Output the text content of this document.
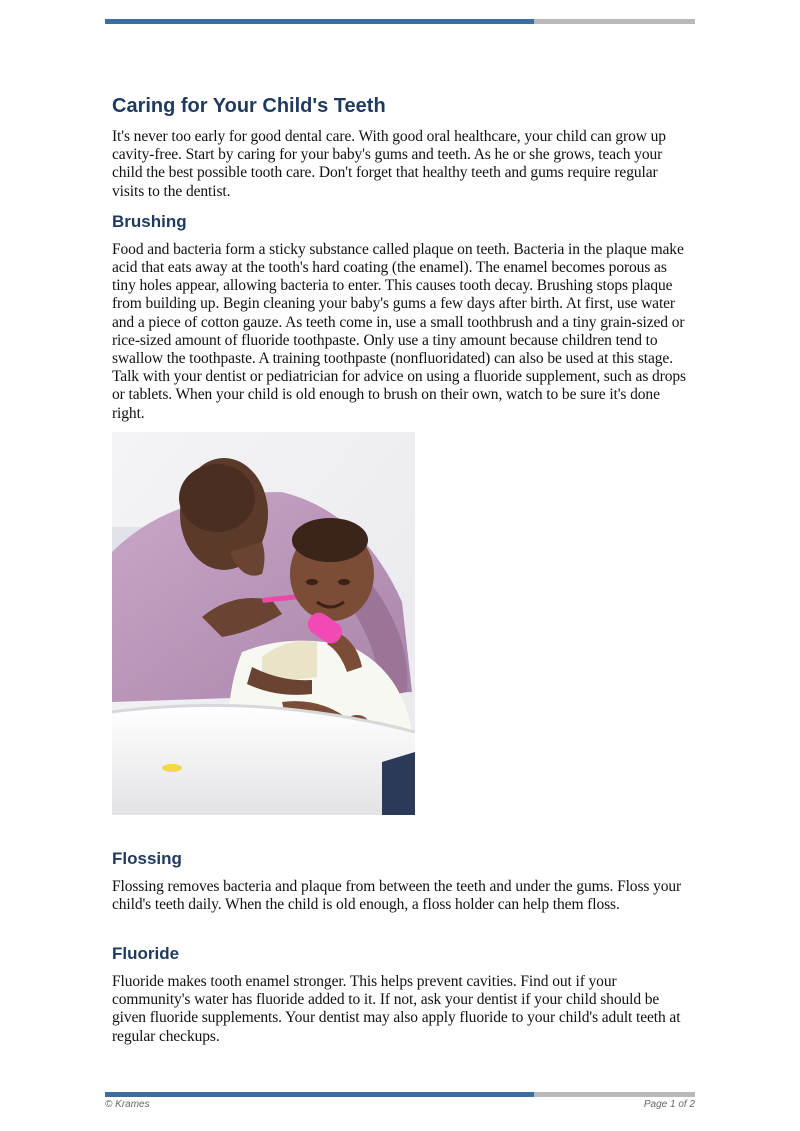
Caring for Your Child's Teeth

It's never too early for good dental care. With good oral healthcare, your child can grow up cavity-free. Start by caring for your baby's gums and teeth. As he or she grows, teach your child the best possible tooth care. Don't forget that healthy teeth and gums require regular visits to the dentist.

Brushing

Food and bacteria form a sticky substance called plaque on teeth. Bacteria in the plaque make acid that eats away at the tooth's hard coating (the enamel). The enamel becomes porous as tiny holes appear, allowing bacteria to enter. This causes tooth decay. Brushing stops plaque from building up. Begin cleaning your baby's gums a few days after birth. At first, use water and a piece of cotton gauze. As teeth come in, use a small toothbrush and a tiny grain-sized or rice-sized amount of fluoride toothpaste. Only use a tiny amount because children tend to swallow the toothpaste. A training toothpaste (nonfluoridated) can also be used at this stage. Talk with your dentist or pediatrician for advice on using a fluoride supplement, such as drops or tablets. When your child is old enough to brush on their own, watch to be sure it's done right.

Flossing

Flossing removes bacteria and plaque from between the teeth and under the gums. Floss your child's teeth daily. When the child is old enough, a floss holder can help them floss.

Fluoride

Fluoride makes tooth enamel stronger. This helps prevent cavities. Find out if your community's water has fluoride added to it. If not, ask your dentist if your child should be given fluoride supplements. Your dentist may also apply fluoride to your child's adult teeth at regular checkups.

© Krames	Page 1 of 2
